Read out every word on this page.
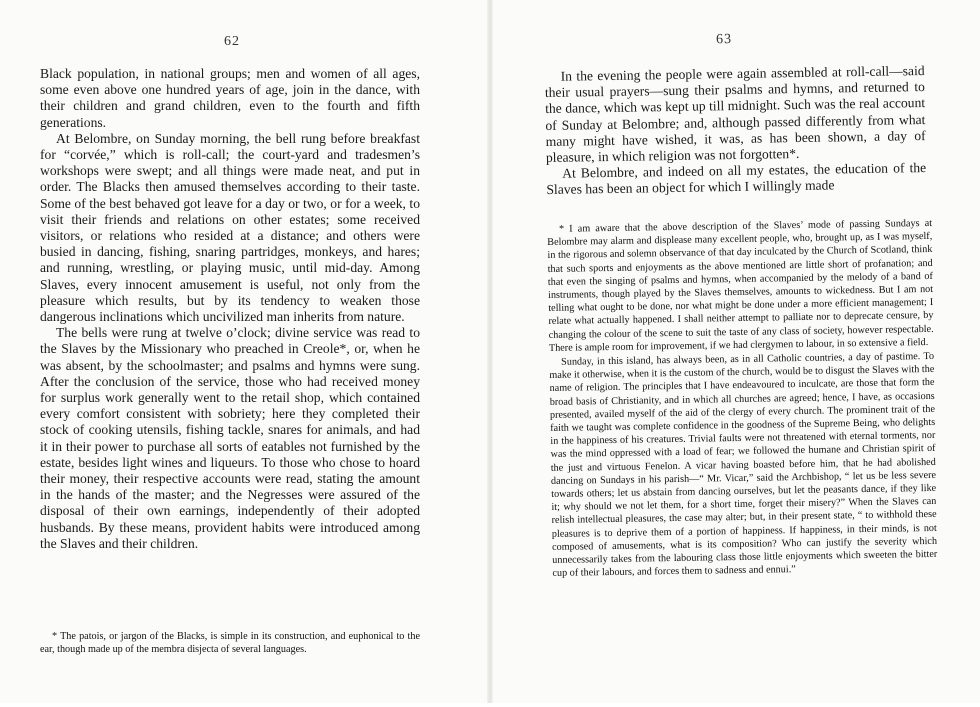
62

Black population, in national groups; men and women of all ages, some even above one hundred years of age, join in the dance, with their children and grand children, even to the fourth and fifth generations.

At Belombre, on Sunday morning, the bell rung before breakfast for “corvée,” which is roll-call; the court-yard and tradesmen’s workshops were swept; and all things were made neat, and put in order. The Blacks then amused themselves according to their taste. Some of the best behaved got leave for a day or two, or for a week, to visit their friends and relations on other estates; some received visitors, or relations who resided at a distance; and others were busied in dancing, fishing, snaring partridges, monkeys, and hares; and running, wrestling, or playing music, until mid-day. Among Slaves, every innocent amusement is useful, not only from the pleasure which results, but by its tendency to weaken those dangerous inclinations which uncivilized man inherits from nature.

The bells were rung at twelve o’clock; divine service was read to the Slaves by the Missionary who preached in Creole*, or, when he was absent, by the schoolmaster; and psalms and hymns were sung. After the conclusion of the service, those who had received money for surplus work generally went to the retail shop, which contained every comfort consistent with sobriety; here they completed their stock of cooking utensils, fishing tackle, snares for animals, and had it in their power to purchase all sorts of eatables not furnished by the estate, besides light wines and liqueurs. To those who chose to hoard their money, their respective accounts were read, stating the amount in the hands of the master; and the Negresses were assured of the disposal of their own earnings, independently of their adopted husbands. By these means, provident habits were introduced among the Slaves and their children.

* The patois, or jargon of the Blacks, is simple in its construction, and euphonical to the ear, though made up of the membra disjecta of several languages.

63

In the evening the people were again assembled at roll-call—said their usual prayers—sung their psalms and hymns, and returned to the dance, which was kept up till midnight. Such was the real account of Sunday at Belombre; and, although passed differently from what many might have wished, it was, as has been shown, a day of pleasure, in which religion was not forgotten*.

At Belombre, and indeed on all my estates, the education of the Slaves has been an object for which I willingly made

* I am aware that the above description of the Slaves’ mode of passing Sundays at Belombre may alarm and displease many excellent people, who, brought up, as I was myself, in the rigorous and solemn observance of that day inculcated by the Church of Scotland, think that such sports and enjoyments as the above mentioned are little short of profanation; and that even the singing of psalms and hymns, when accompanied by the melody of a band of instruments, though played by the Slaves themselves, amounts to wickedness. But I am not telling what ought to be done, nor what might be done under a more efficient management; I relate what actually happened. I shall neither attempt to palliate nor to deprecate censure, by changing the colour of the scene to suit the taste of any class of society, however respectable. There is ample room for improvement, if we had clergymen to labour, in so extensive a field.

Sunday, in this island, has always been, as in all Catholic countries, a day of pastime. To make it otherwise, when it is the custom of the church, would be to disgust the Slaves with the name of religion. The principles that I have endeavoured to inculcate, are those that form the broad basis of Christianity, and in which all churches are agreed; hence, I have, as occasions presented, availed myself of the aid of the clergy of every church. The prominent trait of the faith we taught was complete confidence in the goodness of the Supreme Being, who delights in the happiness of his creatures. Trivial faults were not threatened with eternal torments, nor was the mind oppressed with a load of fear; we followed the humane and Christian spirit of the just and virtuous Fenelon. A vicar having boasted before him, that he had abolished dancing on Sundays in his parish—“ Mr. Vicar,” said the Archbishop, “ let us be less severe towards others; let us abstain from dancing ourselves, but let the peasants dance, if they like it; why should we not let them, for a short time, forget their misery?” When the Slaves can relish intellectual pleasures, the case may alter; but, in their present state, “ to withhold these pleasures is to deprive them of a portion of happiness. If happiness, in their minds, is not composed of amusements, what is its composition? Who can justify the severity which unnecessarily takes from the labouring class those little enjoyments which sweeten the bitter cup of their labours, and forces them to sadness and ennui.”
